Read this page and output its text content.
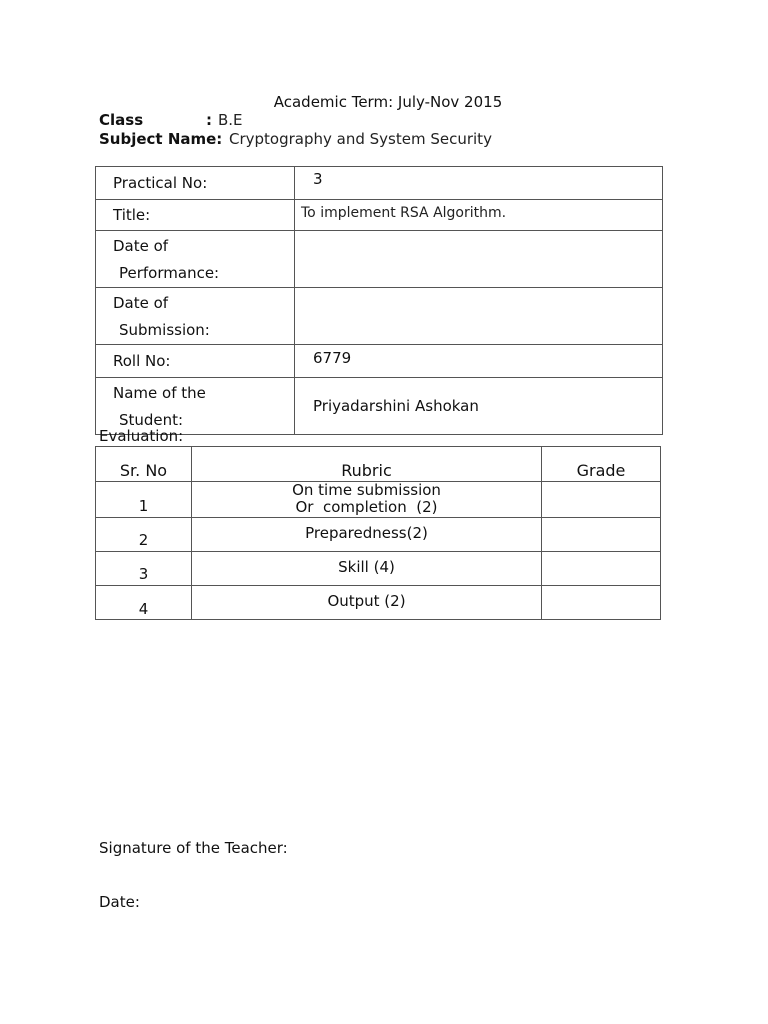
Academic Term: July-Nov 2015
Class	: B.E
Subject Name: Cryptography and System Security
Practical No:	3
Title:	To implement RSA Algorithm.

Date of
Performance:	

Date of
Submission:	

Roll No:	6779

Name of the
Student:	Priyadarshini Ashokan
Evaluation:
Sr. No	Rubric	Grade
1	On time submission
Or  completion  (2)	

2	Preparedness(2)	
3	Skill (4)	
4	Output (2)	
Signature of the Teacher:
Date:
